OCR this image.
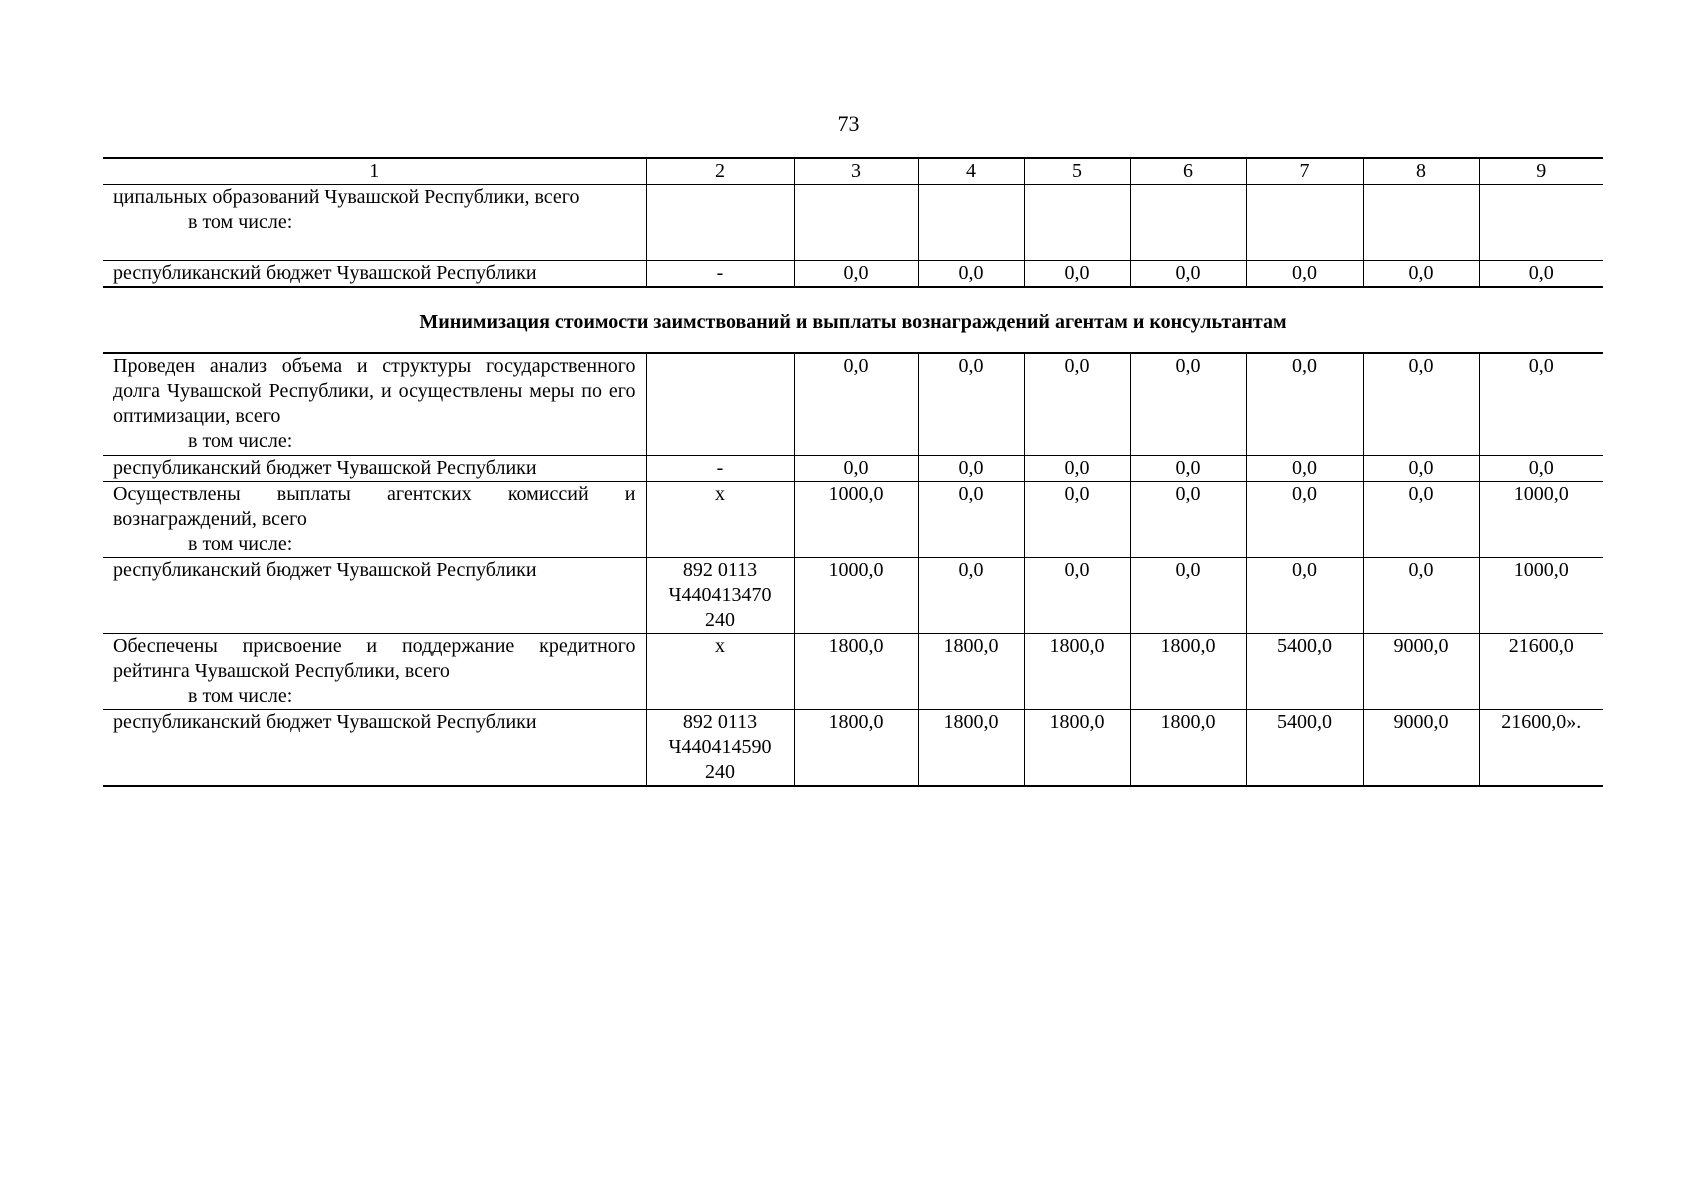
73
1	2	3	4	5	6	7	8	9
ципальных образований Чувашской Республики, всего
в том числе:								

республиканский бюджет Чувашской Республики	-	0,0	0,0	0,0	0,0	0,0	0,0	0,0
Минимизация стоимости заимствований и выплаты вознаграждений агентам и консультантам
Проведен анализ объема и структуры государственного долга Чувашской Республики, и осуществлены меры по его оптимизации, всего
в том числе:		0,0	0,0	0,0	0,0	0,0	0,0	0,0
республиканский бюджет Чувашской Республики	-	0,0	0,0	0,0	0,0	0,0	0,0	0,0
Осуществлены выплаты агентских комиссий и вознаграждений, всего
в том числе:	x	1000,0	0,0	0,0	0,0	0,0	0,0	1000,0
республиканский бюджет Чувашской Республики	892 0113
Ч440413470
240	1000,0	0,0	0,0	0,0	0,0	0,0	1000,0
Обеспечены присвоение и поддержание кредитного рейтинга Чувашской Республики, всего
в том числе:	x	1800,0	1800,0	1800,0	1800,0	5400,0	9000,0	21600,0
республиканский бюджет Чувашской Республики	892 0113
Ч440414590
240	1800,0	1800,0	1800,0	1800,0	5400,0	9000,0	21600,0».
